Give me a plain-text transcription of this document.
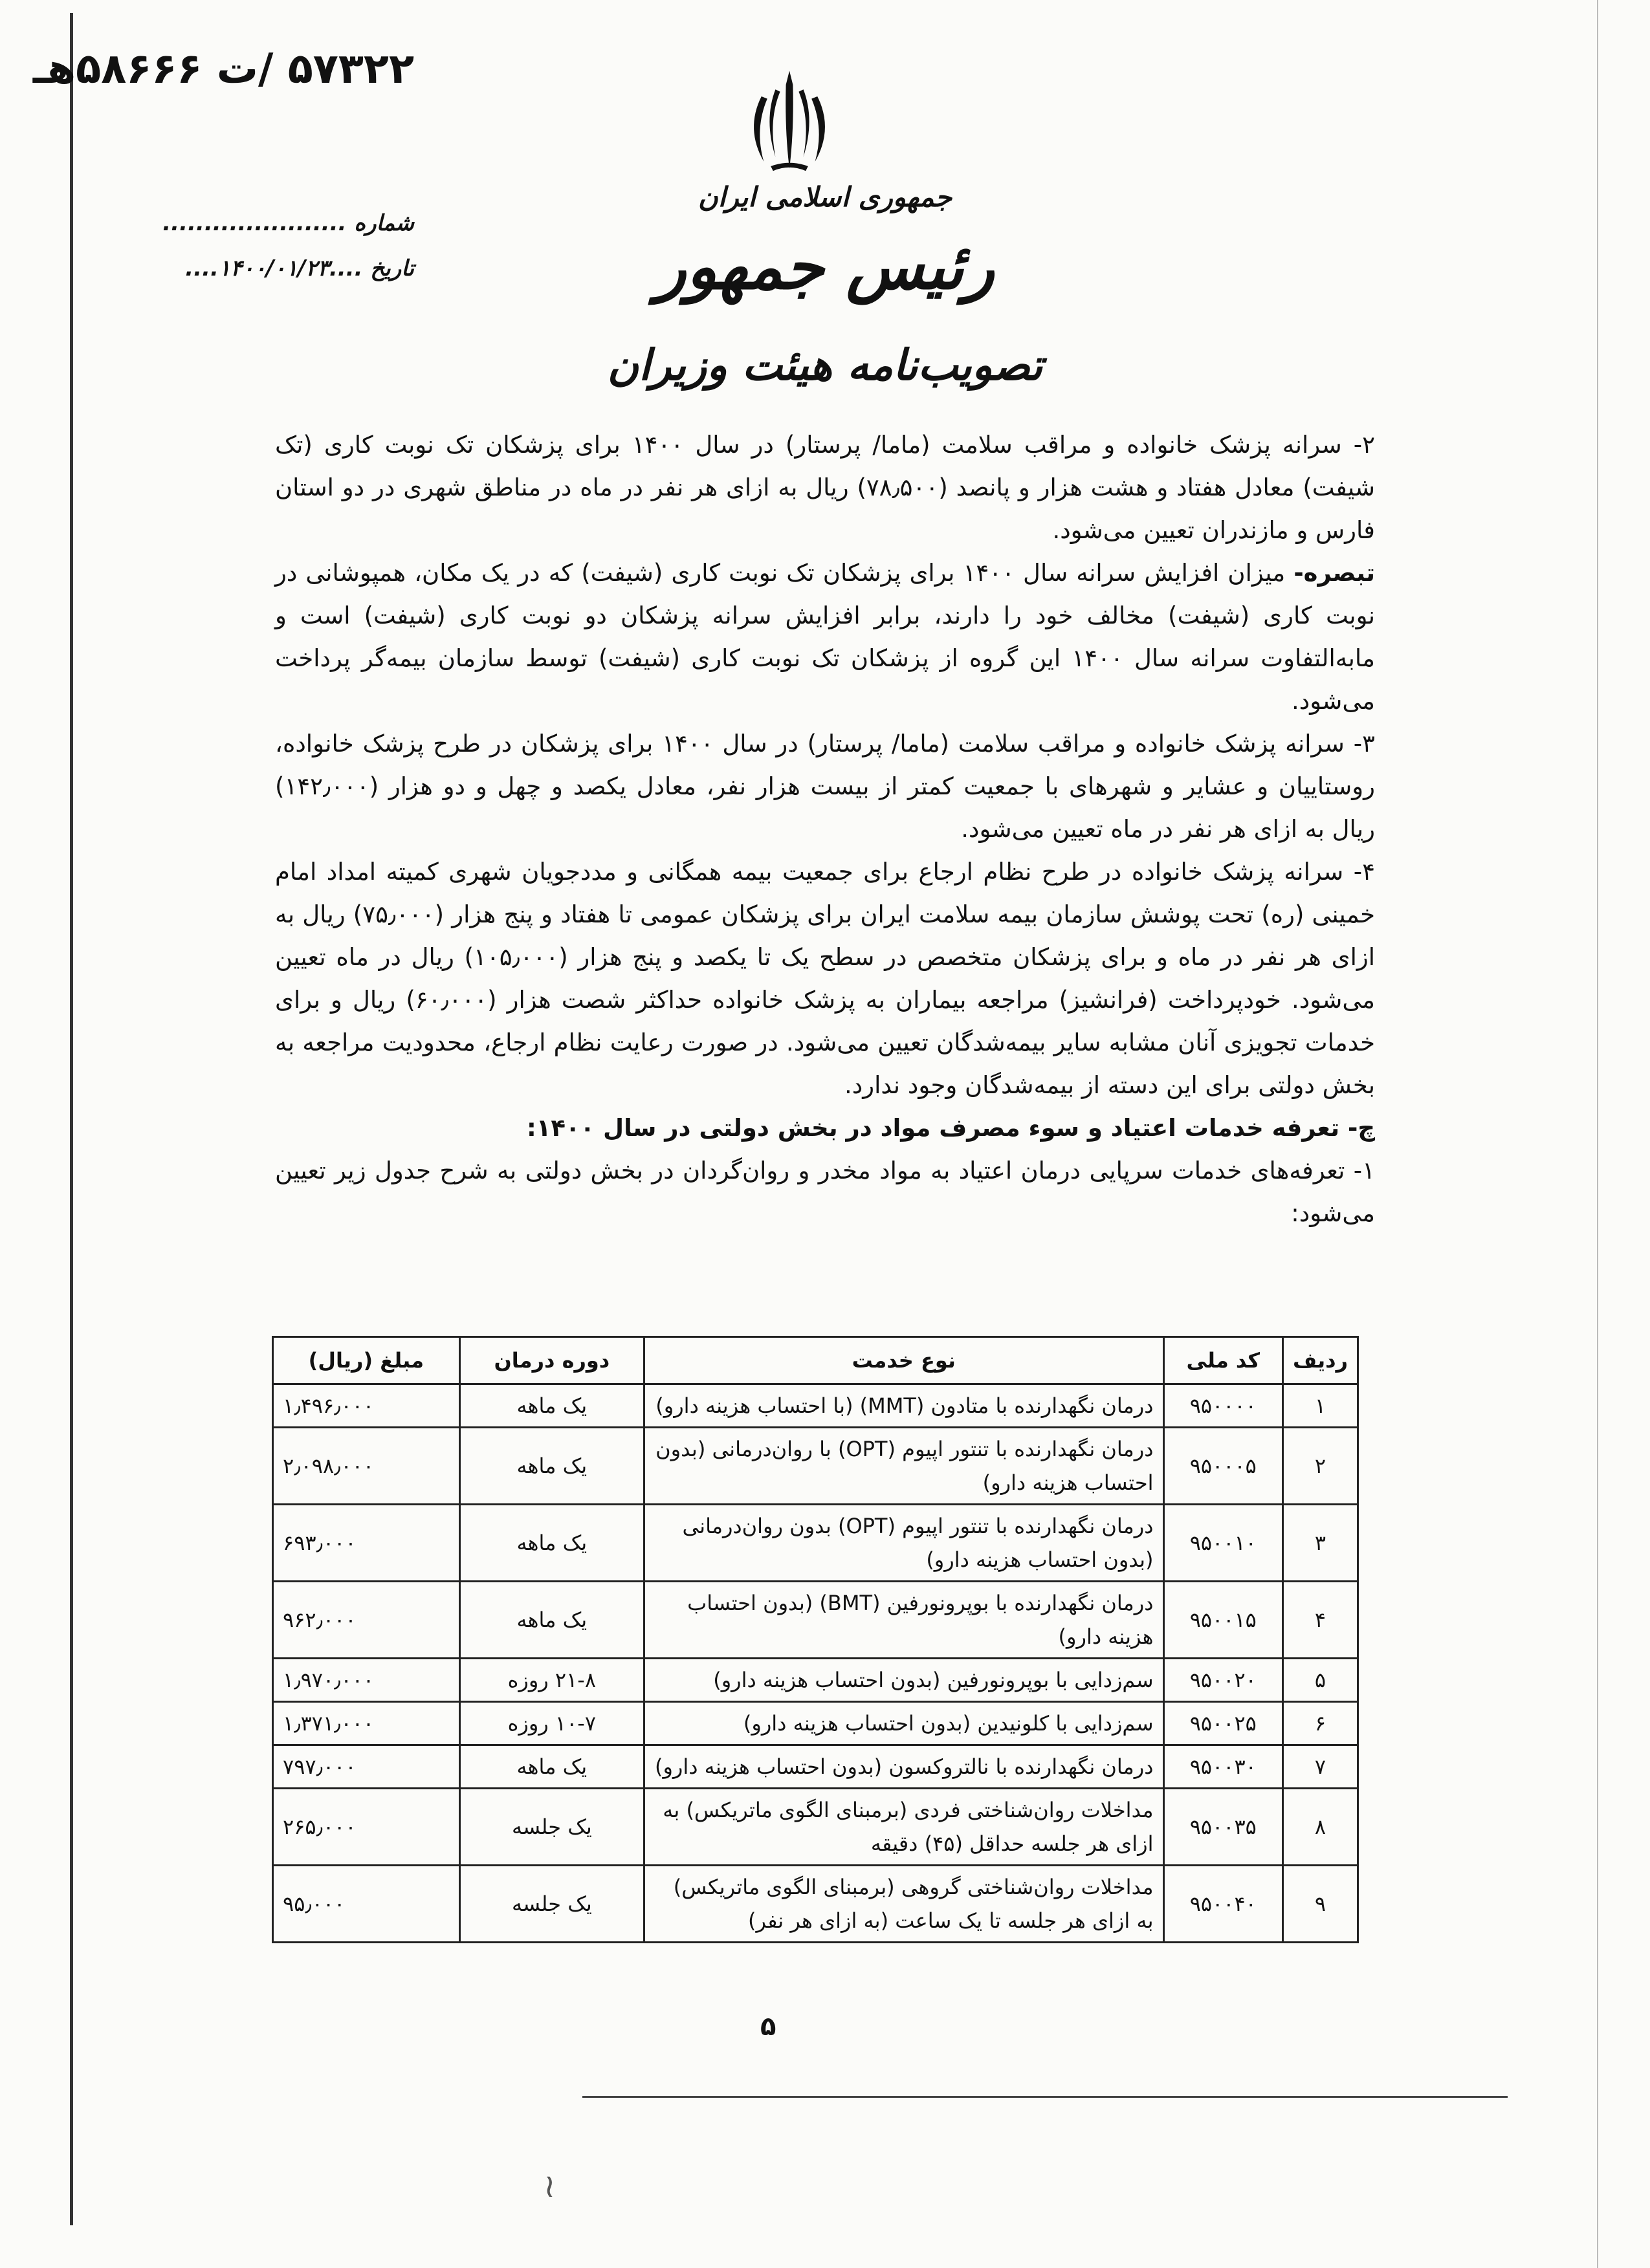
۵۷۳۲۲ /ت ۵۸۶۶۶هـ
شماره ......................
تاریخ ....۱۴۰۰/۰۱/۲۳....
جمهوری اسلامی ایران
رئیس جمهور
تصویب‌نامه هیئت وزیران

۲- سرانه پزشک خانواده و مراقب سلامت (ماما/ پرستار) در سال ۱۴۰۰ برای پزشکان تک نوبت کاری (تک شیفت) معادل هفتاد و هشت هزار و پانصد (۷۸٫۵۰۰) ریال به ازای هر نفر در ماه در مناطق شهری در دو استان فارس و مازندران تعیین می‌شود.

تبصره- میزان افزایش سرانه سال ۱۴۰۰ برای پزشکان تک نوبت کاری (شیفت) که در یک مکان، همپوشانی در نوبت کاری (شیفت) مخالف خود را دارند، برابر افزایش سرانه پزشکان دو نوبت کاری (شیفت) است و مابه‌التفاوت سرانه سال ۱۴۰۰ این گروه از پزشکان تک نوبت کاری (شیفت) توسط سازمان بیمه‌گر پرداخت می‌شود.

۳- سرانه پزشک خانواده و مراقب سلامت (ماما/ پرستار) در سال ۱۴۰۰ برای پزشکان در طرح پزشک خانواده، روستاییان و عشایر و شهرهای با جمعیت کمتر از بیست هزار نفر، معادل یکصد و چهل و دو هزار (۱۴۲٫۰۰۰) ریال به ازای هر نفر در ماه تعیین می‌شود.

۴- سرانه پزشک خانواده در طرح نظام ارجاع برای جمعیت بیمه همگانی و مددجویان شهری کمیته امداد امام خمینی (ره) تحت پوشش سازمان بیمه سلامت ایران برای پزشکان عمومی تا هفتاد و پنج هزار (۷۵٫۰۰۰) ریال به ازای هر نفر در ماه و برای پزشکان متخصص در سطح یک تا یکصد و پنج هزار (۱۰۵٫۰۰۰) ریال در ماه تعیین می‌شود. خودپرداخت (فرانشیز) مراجعه بیماران به پزشک خانواده حداکثر شصت هزار (۶۰٫۰۰۰) ریال و برای خدمات تجویزی آنان مشابه سایر بیمه‌شدگان تعیین می‌شود. در صورت رعایت نظام ارجاع، محدودیت مراجعه به بخش دولتی برای این دسته از بیمه‌شدگان وجود ندارد.

چ- تعرفه خدمات اعتیاد و سوء مصرف مواد در بخش دولتی در سال ۱۴۰۰:

۱- تعرفه‌های خدمات سرپایی درمان اعتیاد به مواد مخدر و روان‌گردان در بخش دولتی به شرح جدول زیر تعیین می‌شود:

ردیف	کد ملی	نوع خدمت	دوره درمان	مبلغ (ریال)
۱	۹۵۰۰۰۰	درمان نگهدارنده با متادون (MMT) (با احتساب هزینه دارو)	یک ماهه	۱٫۴۹۶٫۰۰۰
۲	۹۵۰۰۰۵	درمان نگهدارنده با تنتور اپیوم (OPT) با روان‌درمانی (بدون احتساب هزینه دارو)	یک ماهه	۲٫۰۹۸٫۰۰۰
۳	۹۵۰۰۱۰	درمان نگهدارنده با تنتور اپیوم (OPT) بدون روان‌درمانی (بدون احتساب هزینه دارو)	یک ماهه	۶۹۳٫۰۰۰
۴	۹۵۰۰۱۵	درمان نگهدارنده با بوپرونورفین (BMT) (بدون احتساب هزینه دارو)	یک ماهه	۹۶۲٫۰۰۰
۵	۹۵۰۰۲۰	سم‌زدایی با بوپرونورفین (بدون احتساب هزینه دارو)	۲۱-۸ روزه	۱٫۹۷۰٫۰۰۰
۶	۹۵۰۰۲۵	سم‌زدایی با کلونیدین (بدون احتساب هزینه دارو)	۱۰-۷ روزه	۱٫۳۷۱٫۰۰۰
۷	۹۵۰۰۳۰	درمان نگهدارنده با نالتروکسون (بدون احتساب هزینه دارو)	یک ماهه	۷۹۷٫۰۰۰
۸	۹۵۰۰۳۵	مداخلات روان‌شناختی فردی (برمبنای الگوی ماتریکس) به ازای هر جلسه حداقل (۴۵) دقیقه	یک جلسه	۲۶۵٫۰۰۰
۹	۹۵۰۰۴۰	مداخلات روان‌شناختی گروهی (برمبنای الگوی ماتریکس) به ازای هر جلسه تا یک ساعت (به ازای هر نفر)	یک جلسه	۹۵٫۰۰۰
۵
≀
